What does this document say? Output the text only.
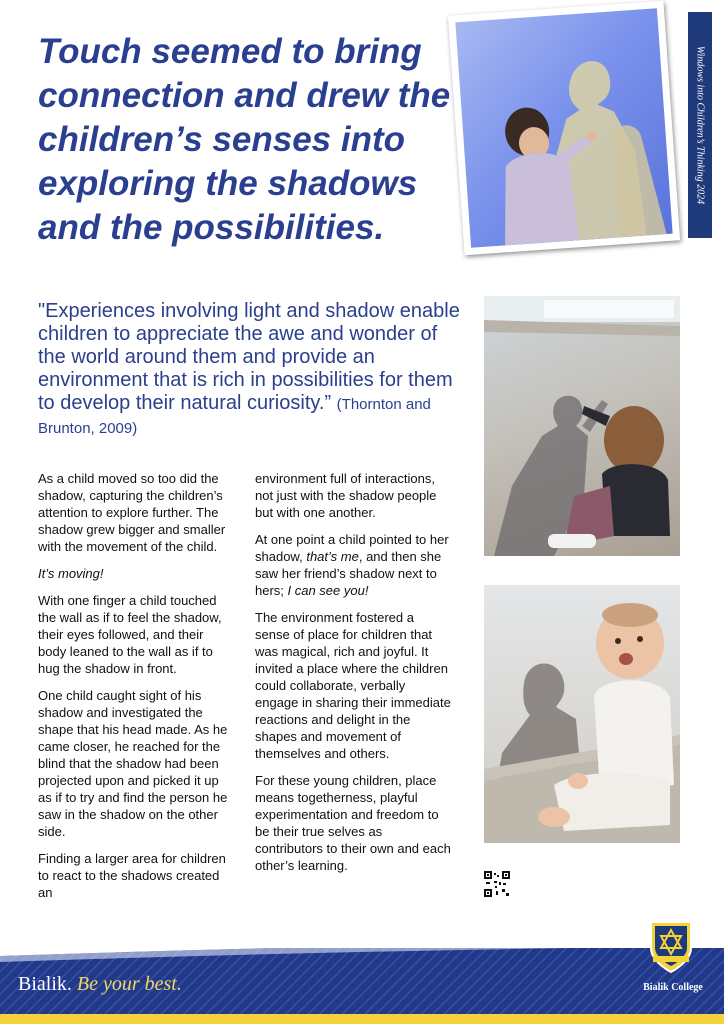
Touch seemed to bring connection and drew the children’s senses into exploring the shadows and the possibilities.

"Experiences involving light and shadow enable children to appreciate the awe and wonder of the world around them and provide an environment that is rich in possibilities for them to develop their natural curiosity.” (Thornton and Brunton, 2009)

As a child moved so too did the shadow, capturing the children’s attention to explore further. The shadow grew bigger and smaller with the movement of the child.

It’s moving!

With one finger a child touched the wall as if to feel the shadow, their eyes followed, and their body leaned to the wall as if to hug the shadow in front.

One child caught sight of his shadow and investigated the shape that his head made. As he came closer, he reached for the blind that the shadow had been projected upon and picked it up as if to try and find the person he saw in the shadow on the other side.

Finding a larger area for children to react to the shadows created an

environment full of interactions, not just with the shadow people but with one another.

At one point a child pointed to her shadow, that’s me, and then she saw her friend’s shadow next to hers; I can see you!

The environment fostered a sense of place for children that was magical, rich and joyful. It invited a place where the children could collaborate, verbally engage in sharing their immediate reactions and delight in the shapes and movement of themselves and others.

For these young children, place means togetherness, playful experimentation and freedom to be their true selves as contributors to their own and each other’s learning.

Windows into Children’s Thinking 2024
Bialik. Be your best.	Bialik College
